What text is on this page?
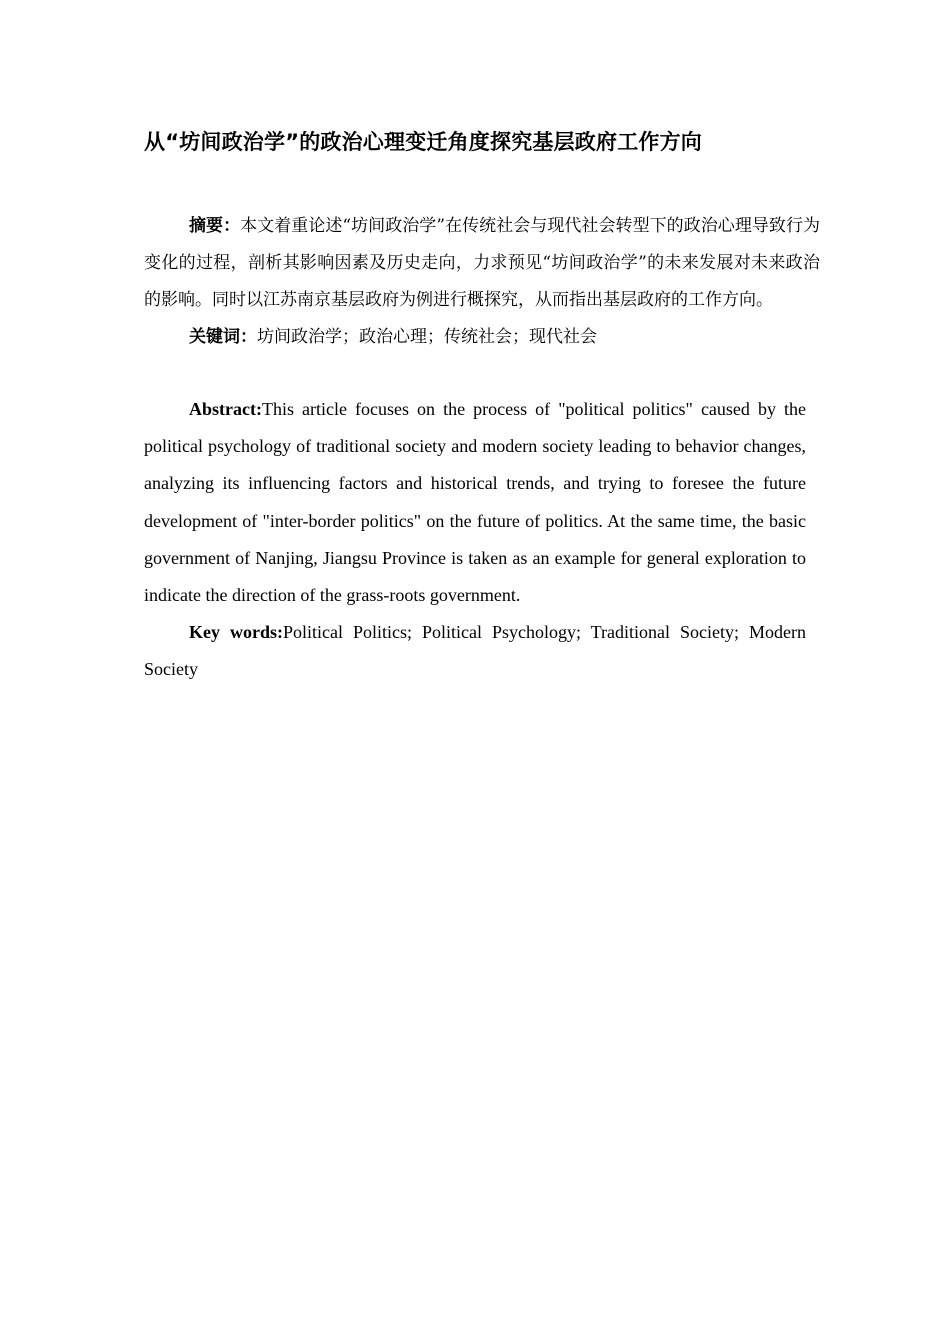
从“坊间政治学”的政治心理变迁角度探究基层政府工作方向

摘要：本文着重论述“坊间政治学”在传统社会与现代社会转型下的政治心理导致行为变化的过程，剖析其影响因素及历史走向，力求预见“坊间政治学”的未来发展对未来政治的影响。同时以江苏南京基层政府为例进行概探究，从而指出基层政府的工作方向。

关键词：坊间政治学；政治心理；传统社会；现代社会

Abstract:This article focuses on the process of "political politics" caused by the political psychology of traditional society and modern society leading to behavior changes, analyzing its influencing factors and historical trends, and trying to foresee the future development of "inter-border politics" on the future of politics. At the same time, the basic government of Nanjing, Jiangsu Province is taken as an example for general exploration to indicate the direction of the grass-roots government.

Key words:Political Politics; Political Psychology; Traditional Society; Modern Society
